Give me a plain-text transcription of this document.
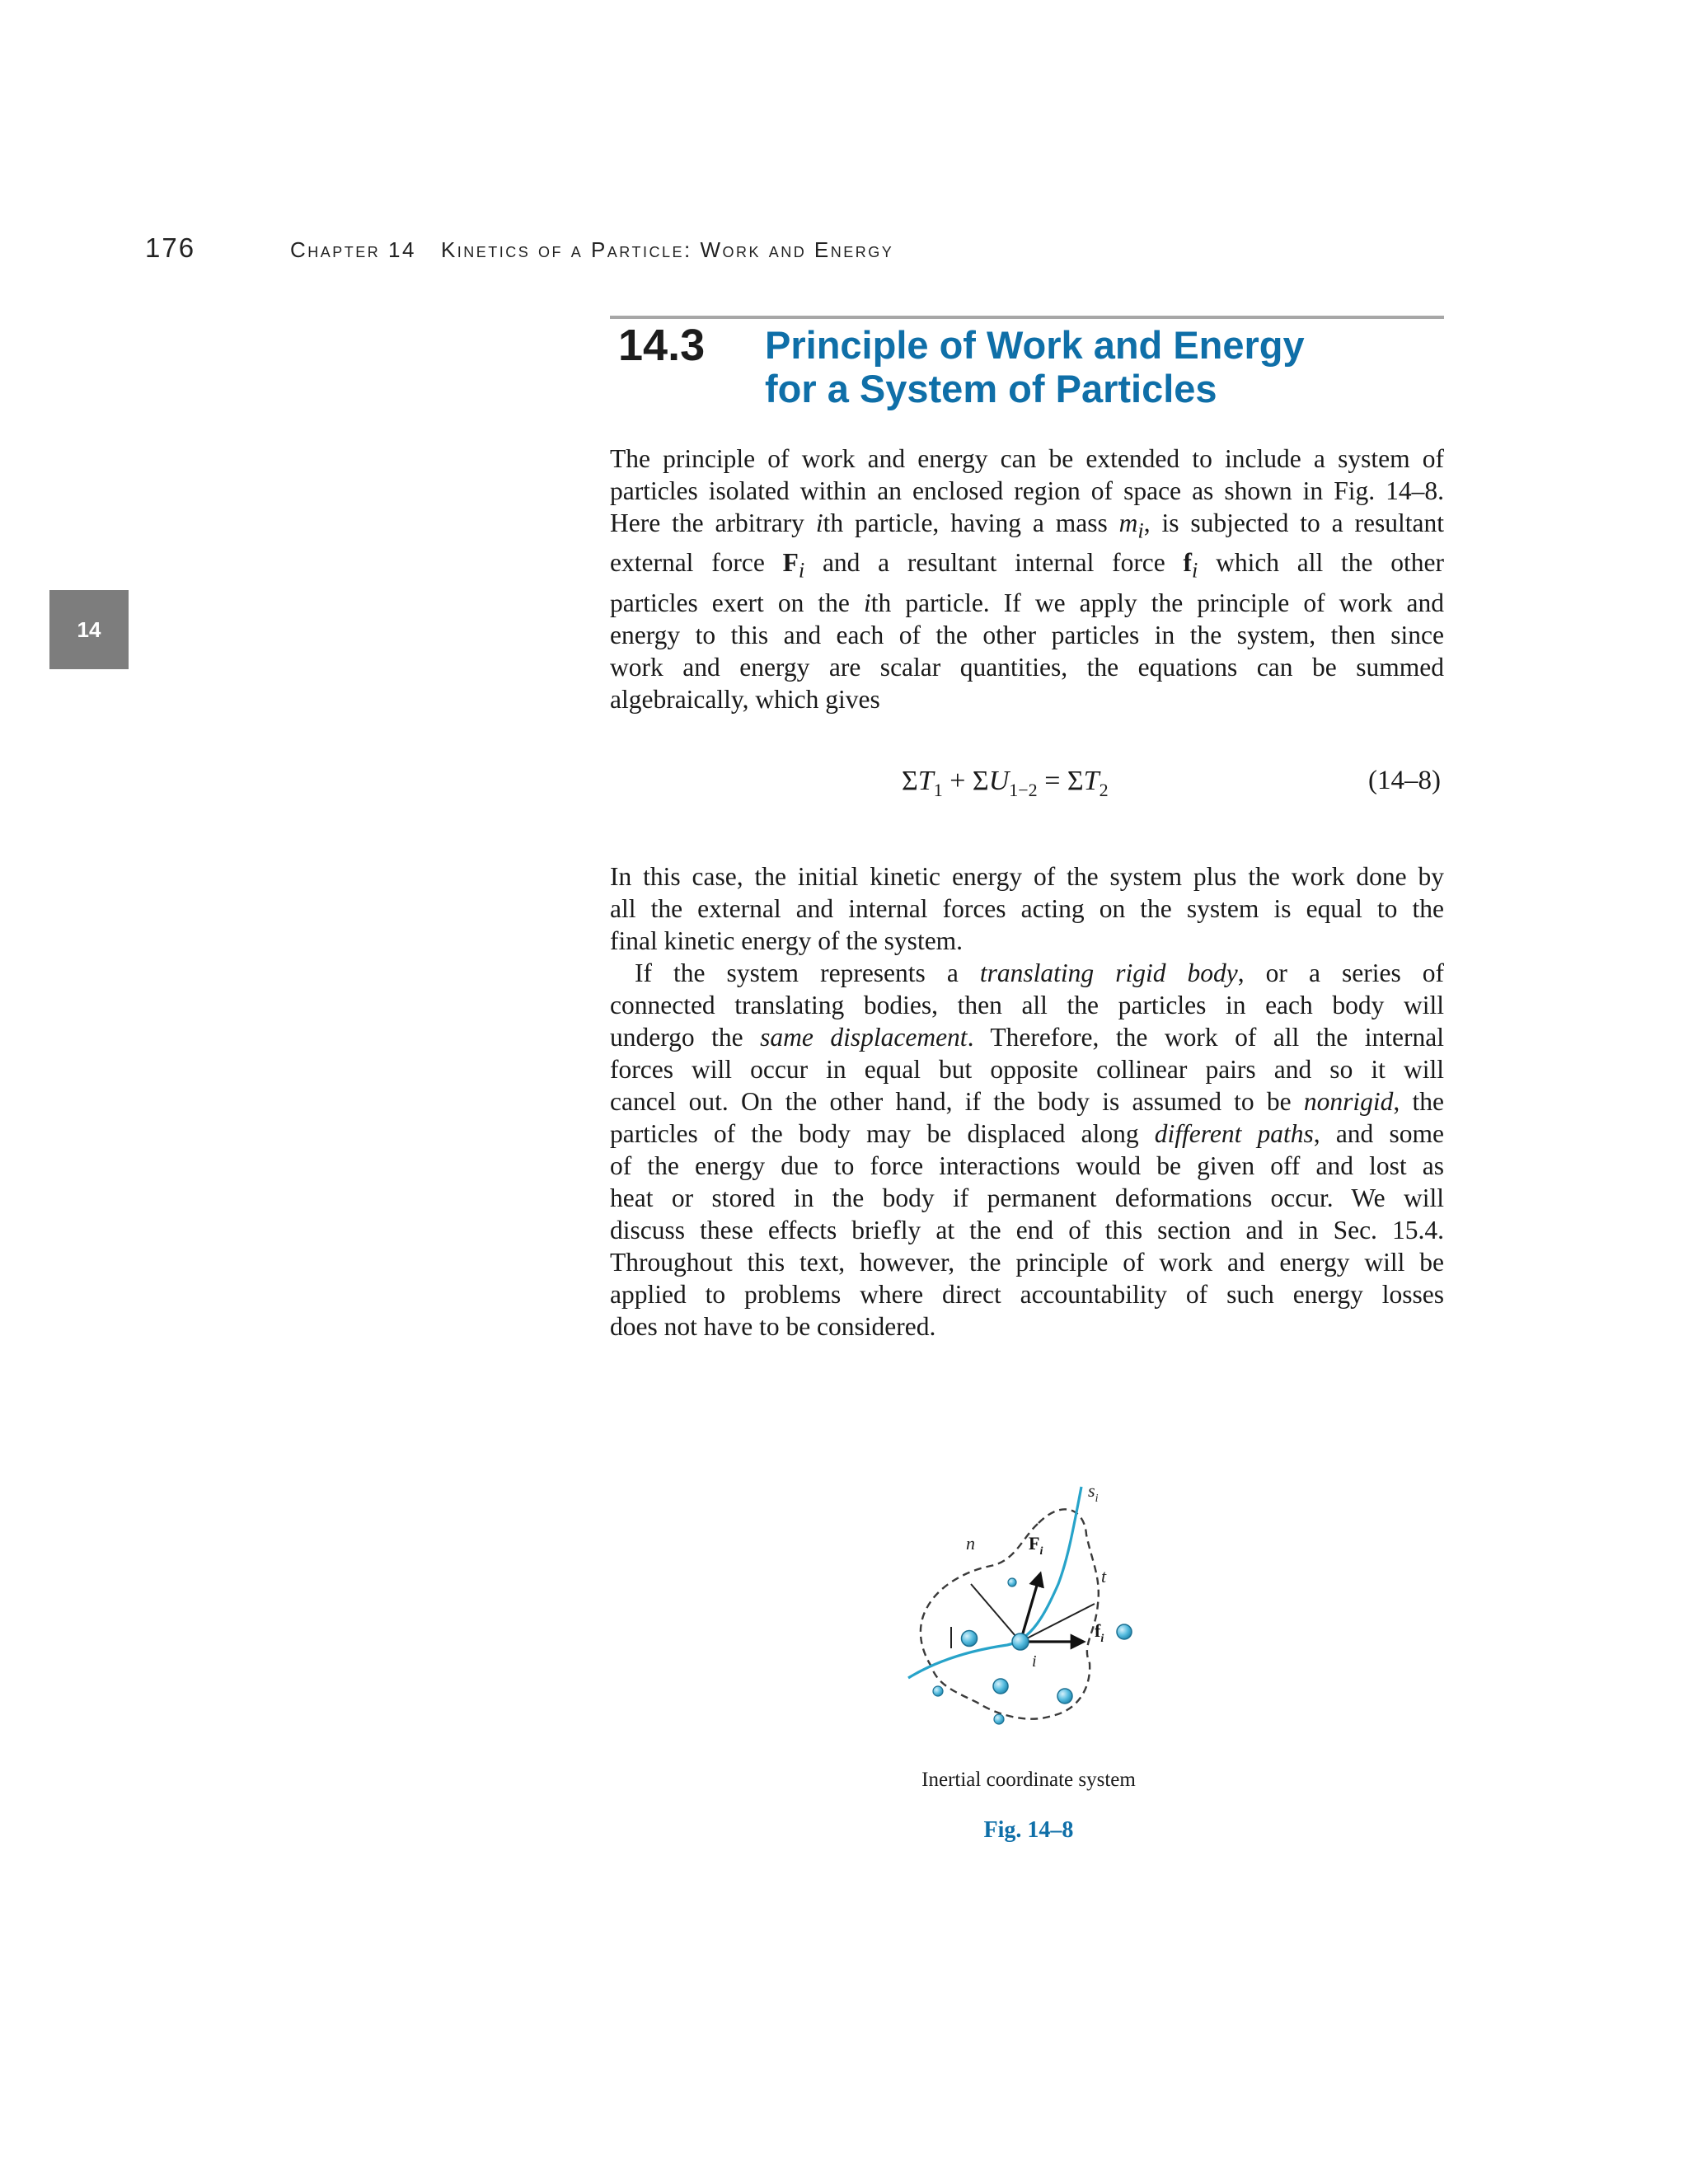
176	Chapter 14 Kinetics of a Particle: Work and Energy
14
14.3 Principle of Work and Energy
for a System of Particles
The principle of work and energy can be extended to include a system of
particles isolated within an enclosed region of space as shown in Fig. 14–8.
Here the arbitrary ith particle, having a mass $m_i$, is subjected to a resultant
external force $F_i$ and a resultant internal force $f_i$ which all the other
particles exert on the ith particle. If we apply the principle of work and
energy to this and each of the other particles in the system, then since
work and energy are scalar quantities, the equations can be summed
algebraically, which gives
$\Sigma T_1 + \Sigma U_{1-2} = \Sigma T_2$	(14–8)
In this case, the initial kinetic energy of the system plus the work done by
all the external and internal forces acting on the system is equal to the
final kinetic energy of the system.
If the system represents a translating rigid body, or a series of
connected translating bodies, then all the particles in each body will
undergo the same displacement. Therefore, the work of all the internal
forces will occur in equal but opposite collinear pairs and so it will
cancel out. On the other hand, if the body is assumed to be nonrigid, the
particles of the body may be displaced along different paths, and some
of the energy due to force interactions would be given off and lost as
heat or stored in the body if permanent deformations occur. We will
discuss these effects briefly at the end of this section and in Sec. 15.4.
Throughout this text, however, the principle of work and energy will be
applied to problems where direct accountability of such energy losses
does not have to be considered.
$s_i$
n	$F_i$
t
$f_i$
i
Inertial coordinate system
Fig. 14–8
